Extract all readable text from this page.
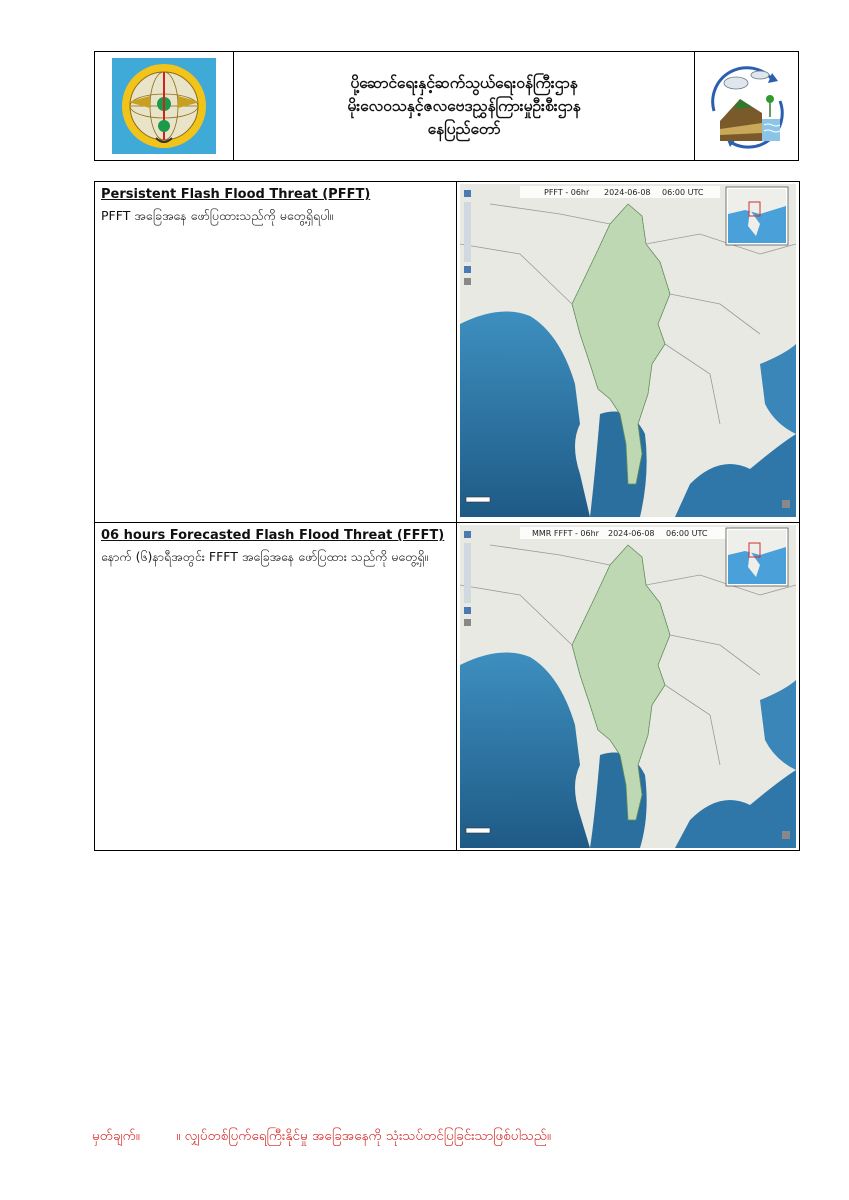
ပို့ဆောင်ရေးနှင့်ဆက်သွယ်ရေးဝန်ကြီးဌာန
မိုးလေဝသနှင့်ဇလဗေဒညွှန်ကြားမှုဦးစီးဌာန
နေပြည်တော်
Persistent Flash Flood Threat (PFFT)
PFFT အခြေအနေ ဖော်ပြထားသည်ကို မတွေ့ရှိရပါ။
PFFT - 06hr 2024-06-08 06:00 UTC
06 hours Forecasted Flash Flood Threat (FFFT)
နောက် (၆)နာရီအတွင်း FFFT အခြေအနေ ဖော်ပြထား သည်ကို မတွေ့ရှိ။
MMR FFFT - 06hr 2024-06-08 06:00 UTC
မှတ်ချက်။	။ လျှပ်တစ်ပြက်ရေကြီးနိုင်မှု အခြေအနေကို သုံးသပ်တင်ပြခြင်းသာဖြစ်ပါသည်။
